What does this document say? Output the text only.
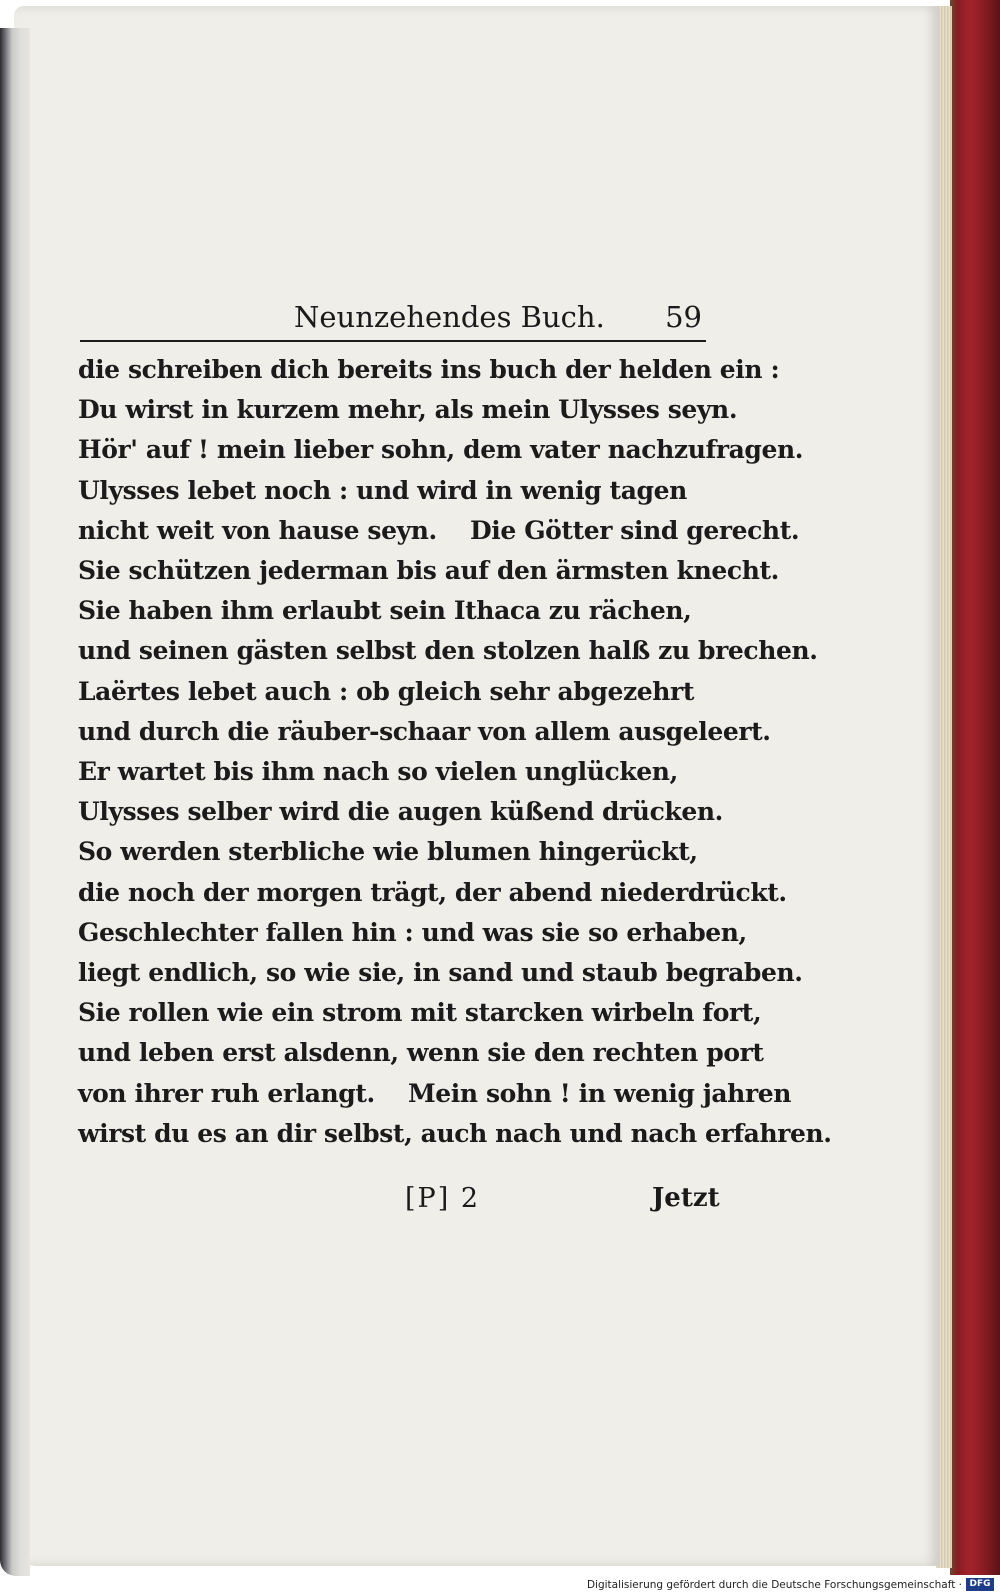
Neunzehendes Buch. 59
die schreiben dich bereits ins buch der helden ein :
Du wirst in kurzem mehr, als mein Ulysses seyn.
Hör' auf ! mein lieber sohn, dem vater nachzufragen.
Ulysses lebet noch : und wird in wenig tagen
nicht weit von hause seyn.    Die Götter sind gerecht.
Sie schützen jederman bis auf den ärmsten knecht.
Sie haben ihm erlaubt sein Ithaca zu rächen,
und seinen gästen selbst den stolzen halß zu brechen.
Laërtes lebet auch : ob gleich sehr abgezehrt
und durch die räuber-schaar von allem ausgeleert.
Er wartet bis ihm nach so vielen unglücken,
Ulysses selber wird die augen küßend drücken.
So werden sterbliche wie blumen hingerückt,
die noch der morgen trägt, der abend niederdrückt.
Geschlechter fallen hin : und was sie so erhaben,
liegt endlich, so wie sie, in sand und staub begraben.
Sie rollen wie ein strom mit starcken wirbeln fort,
und leben erst alsdenn, wenn sie den rechten port
von ihrer ruh erlangt.    Mein sohn ! in wenig jahren
wirst du es an dir selbst, auch nach und nach erfahren.
[P] 2	Jetzt
Digitalisierung gefördert durch die Deutsche Forschungsgemeinschaft · DFG
